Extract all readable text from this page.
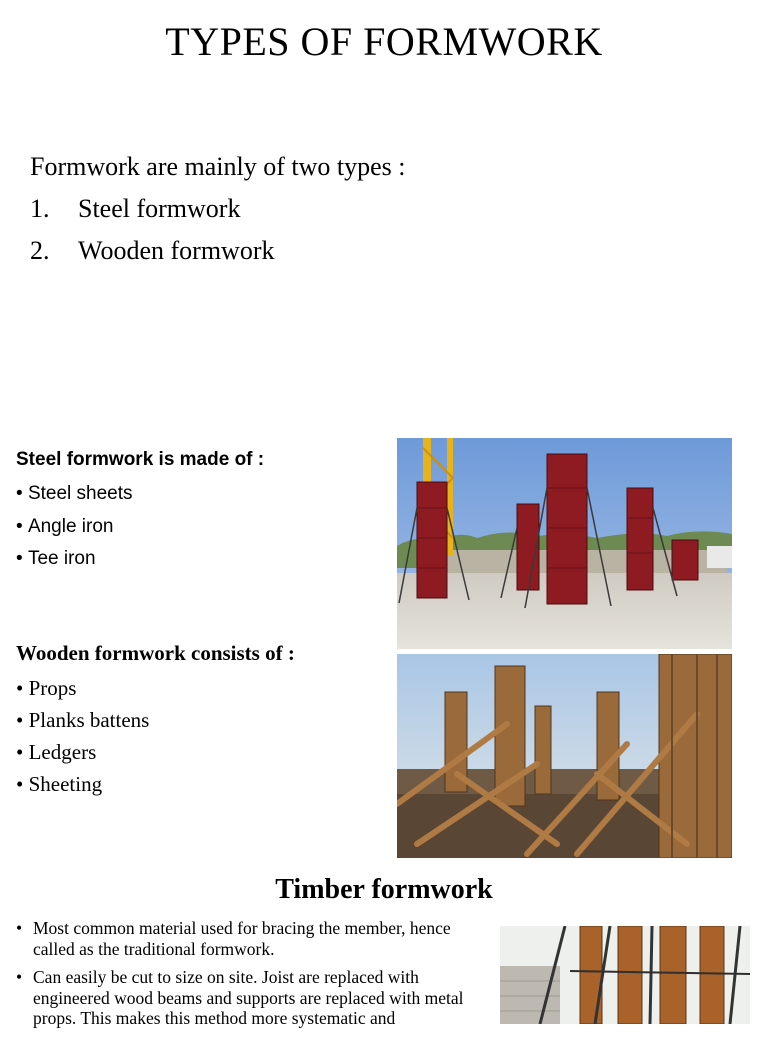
TYPES OF FORMWORK
Formwork are mainly of two types :
1.	Steel formwork
2.	Wooden formwork
Steel formwork is made of :
• Steel sheets
• Angle iron
• Tee iron
Wooden formwork consists of :
• Props
• Planks battens
• Ledgers
• Sheeting
Timber formwork
• Most common material used for bracing the member, hence called as the traditional formwork.
• Can easily be cut to size on site. Joist are replaced with engineered wood beams and supports are replaced with metal props. This makes this method more systematic and
